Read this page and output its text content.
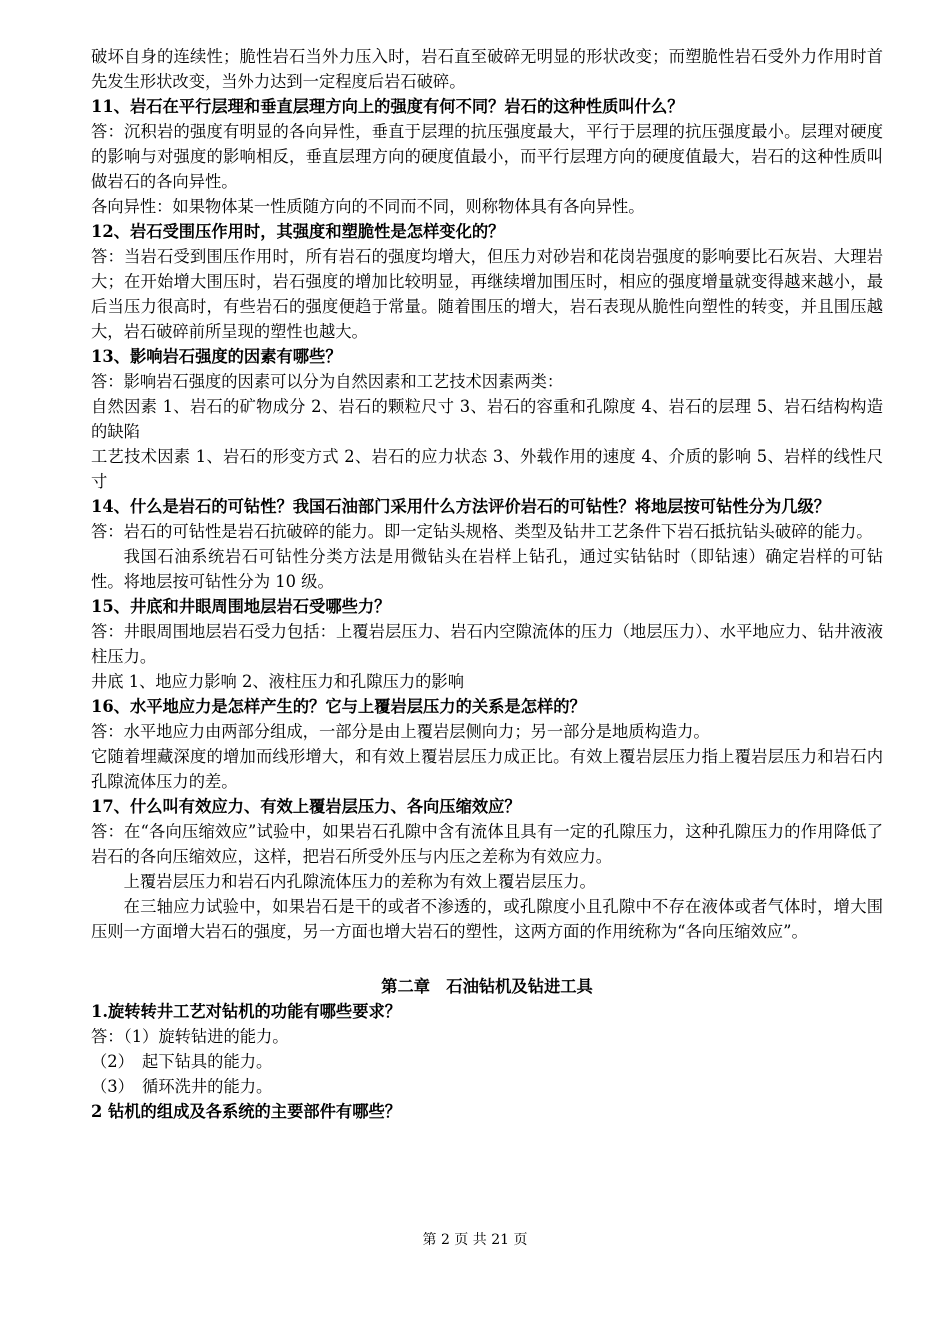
破坏自身的连续性；脆性岩石当外力压入时，岩石直至破碎无明显的形状改变；而塑脆性岩石受外力作用时首先发生形状改变，当外力达到一定程度后岩石破碎。

11、岩石在平行层理和垂直层理方向上的强度有何不同？岩石的这种性质叫什么？

答：沉积岩的强度有明显的各向异性，垂直于层理的抗压强度最大，平行于层理的抗压强度最小。层理对硬度的影响与对强度的影响相反，垂直层理方向的硬度值最小，而平行层理方向的硬度值最大，岩石的这种性质叫做岩石的各向异性。

各向异性：如果物体某一性质随方向的不同而不同，则称物体具有各向异性。

12、岩石受围压作用时，其强度和塑脆性是怎样变化的？

答：当岩石受到围压作用时，所有岩石的强度均增大，但压力对砂岩和花岗岩强度的影响要比石灰岩、大理岩大；在开始增大围压时，岩石强度的增加比较明显，再继续增加围压时，相应的强度增量就变得越来越小，最后当压力很高时，有些岩石的强度便趋于常量。随着围压的增大，岩石表现从脆性向塑性的转变，并且围压越大，岩石破碎前所呈现的塑性也越大。

13、影响岩石强度的因素有哪些？

答：影响岩石强度的因素可以分为自然因素和工艺技术因素两类：

自然因素 1、岩石的矿物成分 2、岩石的颗粒尺寸 3、岩石的容重和孔隙度 4、岩石的层理 5、岩石结构构造的缺陷

工艺技术因素 1、岩石的形变方式 2、岩石的应力状态 3、外载作用的速度 4、介质的影响 5、岩样的线性尺寸

14、什么是岩石的可钻性？我国石油部门采用什么方法评价岩石的可钻性？将地层按可钻性分为几级？

答：岩石的可钻性是岩石抗破碎的能力。即一定钻头规格、类型及钻井工艺条件下岩石抵抗钻头破碎的能力。

我国石油系统岩石可钻性分类方法是用微钻头在岩样上钻孔，通过实钻钻时（即钻速）确定岩样的可钻性。将地层按可钻性分为 10 级。

15、井底和井眼周围地层岩石受哪些力？

答：井眼周围地层岩石受力包括：上覆岩层压力、岩石内空隙流体的压力（地层压力）、水平地应力、钻井液液柱压力。

井底 1、地应力影响 2、液柱压力和孔隙压力的影响

16、水平地应力是怎样产生的？它与上覆岩层压力的关系是怎样的？

答：水平地应力由两部分组成，一部分是由上覆岩层侧向力；另一部分是地质构造力。

它随着埋藏深度的增加而线形增大，和有效上覆岩层压力成正比。有效上覆岩层压力指上覆岩层压力和岩石内孔隙流体压力的差。

17、什么叫有效应力、有效上覆岩层压力、各向压缩效应？

答：在“各向压缩效应”试验中，如果岩石孔隙中含有流体且具有一定的孔隙压力，这种孔隙压力的作用降低了岩石的各向压缩效应，这样，把岩石所受外压与内压之差称为有效应力。

上覆岩层压力和岩石内孔隙流体压力的差称为有效上覆岩层压力。

在三轴应力试验中，如果岩石是干的或者不渗透的，或孔隙度小且孔隙中不存在液体或者气体时，增大围压则一方面增大岩石的强度，另一方面也增大岩石的塑性，这两方面的作用统称为“各向压缩效应”。

第二章　石油钻机及钻进工具

1.旋转转井工艺对钻机的功能有哪些要求？

答：（1）旋转钻进的能力。

（2）　起下钻具的能力。

（3）　循环洗井的能力。

2 钻机的组成及各系统的主要部件有哪些？

第 2 页 共 21 页
